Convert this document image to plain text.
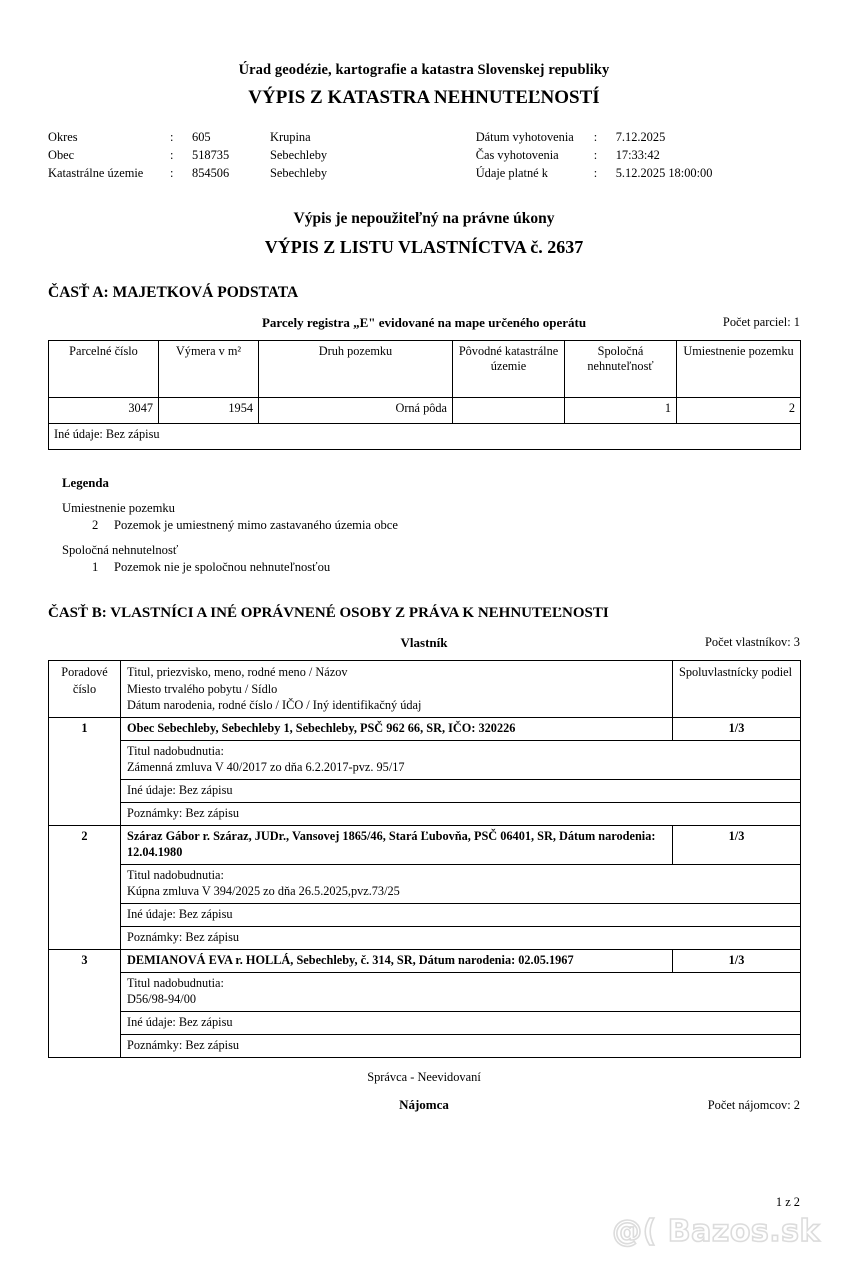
Úrad geodézie, kartografie a katastra Slovenskej republiky
VÝPIS Z KATASTRA NEHNUTEĽNOSTÍ
Okres	:	605	Krupina
Obec	:	518735	Sebechleby
Katastrálne územie	:	854506	Sebechleby
Dátum vyhotovenia	:	7.12.2025
Čas vyhotovenia	:	17:33:42
Údaje platné k	:	5.12.2025 18:00:00
Výpis je nepoužiteľný na právne úkony
VÝPIS Z LISTU VLASTNÍCTVA č. 2637
ČASŤ A: MAJETKOVÁ PODSTATA
Parcely registra „E" evidované na mape určeného operátu	Počet parciel: 1
Parcelné číslo	Výmera v m²	Druh pozemku	Pôvodné katastrálne územie	Spoločná nehnuteľnosť	Umiestnenie pozemku
3047	1954	Orná pôda		1	2
Iné údaje: Bez zápisu					
Legenda
Umiestnenie pozemku
2 Pozemok je umiestnený mimo zastavaného územia obce
Spoločná nehnutelnosť
1 Pozemok nie je spoločnou nehnuteľnosťou
ČASŤ B: VLASTNÍCI A INÉ OPRÁVNENÉ OSOBY Z PRÁVA K NEHNUTEĽNOSTI
Vlastník	Počet vlastníkov: 3
Poradové číslo	Titul, priezvisko, meno, rodné meno / Názov
Miesto trvalého pobytu / Sídlo
Dátum narodenia, rodné číslo / IČO / Iný identifikačný údaj	Spoluvlastnícky podiel
1	Obec Sebechleby, Sebechleby 1, Sebechleby, PSČ 962 66, SR, IČO: 320226	1/3

	Titul nadobudnutia:
Zámenná zmluva V 40/2017 zo dňa 6.2.2017-pvz. 95/17	

	Iné údaje: Bez zápisu	
	Poznámky: Bez zápisu	
2	Száraz Gábor r. Száraz, JUDr., Vansovej 1865/46, Stará Ľubovňa, PSČ 06401, SR, Dátum narodenia: 12.04.1980	1/3

	Titul nadobudnutia:
Kúpna zmluva V 394/2025 zo dňa 26.5.2025,pvz.73/25	

	Iné údaje: Bez zápisu	
	Poznámky: Bez zápisu	
3	DEMIANOVÁ EVA r. HOLLÁ, Sebechleby, č. 314, SR, Dátum narodenia: 02.05.1967	1/3

	Titul nadobudnutia:
D56/98-94/00	

	Iné údaje: Bez zápisu	
	Poznámky: Bez zápisu	
Správca - Neevidovaní
Nájomca	Počet nájomcov: 2
1 z 2
@( Bazos.sk
